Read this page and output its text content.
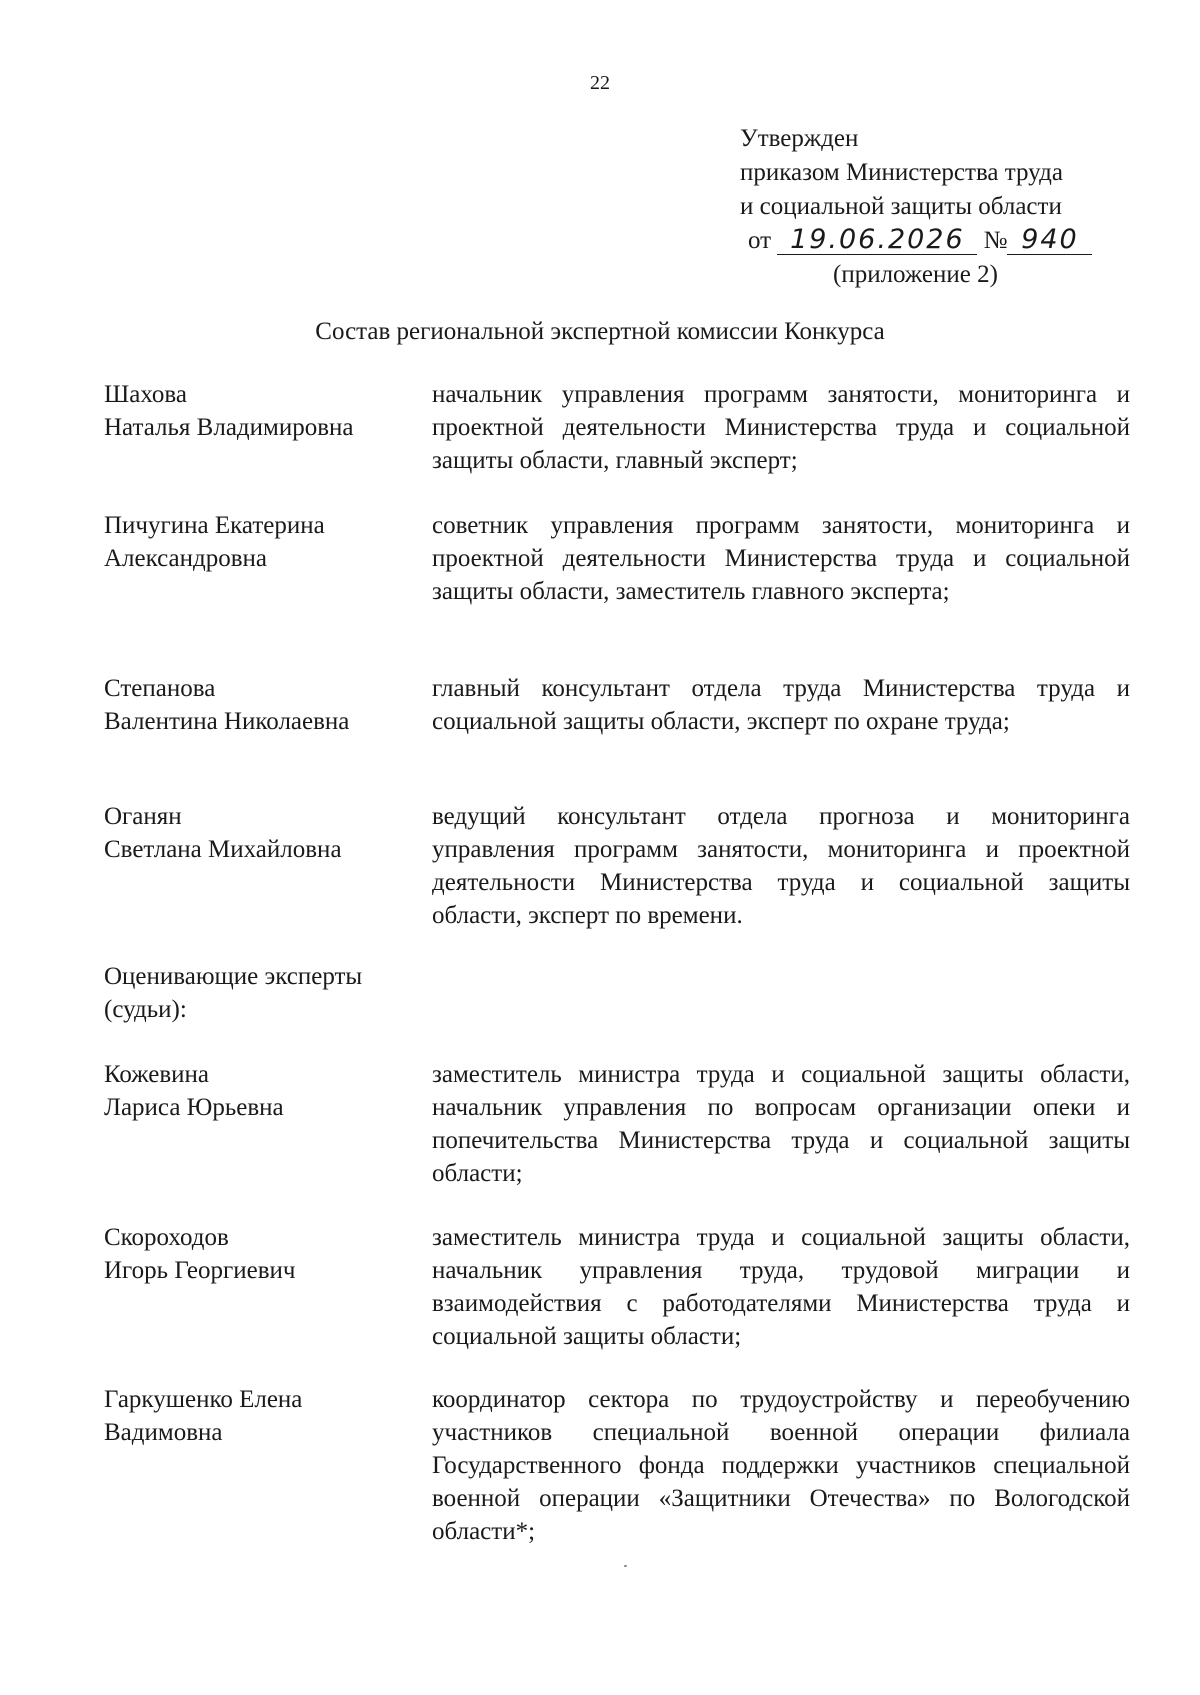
22
Утвержден
приказом Министерства труда
и социальной защиты области
от 19.06.2026 № 940
(приложение 2)
Состав региональной экспертной комиссии Конкурса
Шахова
Наталья Владимировна
начальник управления программ занятости, мониторинга и проектной деятельности Министерства труда и социальной защиты области, главный эксперт;
Пичугина Екатерина
Александровна
советник управления программ занятости, мониторинга и проектной деятельности Министерства труда и социальной защиты области, заместитель главного эксперта;
Степанова
Валентина Николаевна
главный консультант отдела труда Министерства труда и социальной защиты области, эксперт по охране труда;
Оганян
Светлана Михайловна
ведущий консультант отдела прогноза и мониторинга управления программ занятости, мониторинга и проектной деятельности Министерства труда и социальной защиты области, эксперт по времени.
Оценивающие эксперты
(судьи):
Кожевина
Лариса Юрьевна
заместитель министра труда и социальной защиты области, начальник управления по вопросам организации опеки и попечительства Министерства труда и социальной защиты области;
Скороходов
Игорь Георгиевич
заместитель министра труда и социальной защиты области, начальник управления труда, трудовой миграции и взаимодействия с работодателями Министерства труда и социальной защиты области;
Гаркушенко Елена
Вадимовна
координатор сектора по трудоустройству и переобучению участников специальной военной операции филиала Государственного фонда поддержки участников специальной военной операции «Защитники Отечества» по Вологодской области*;
